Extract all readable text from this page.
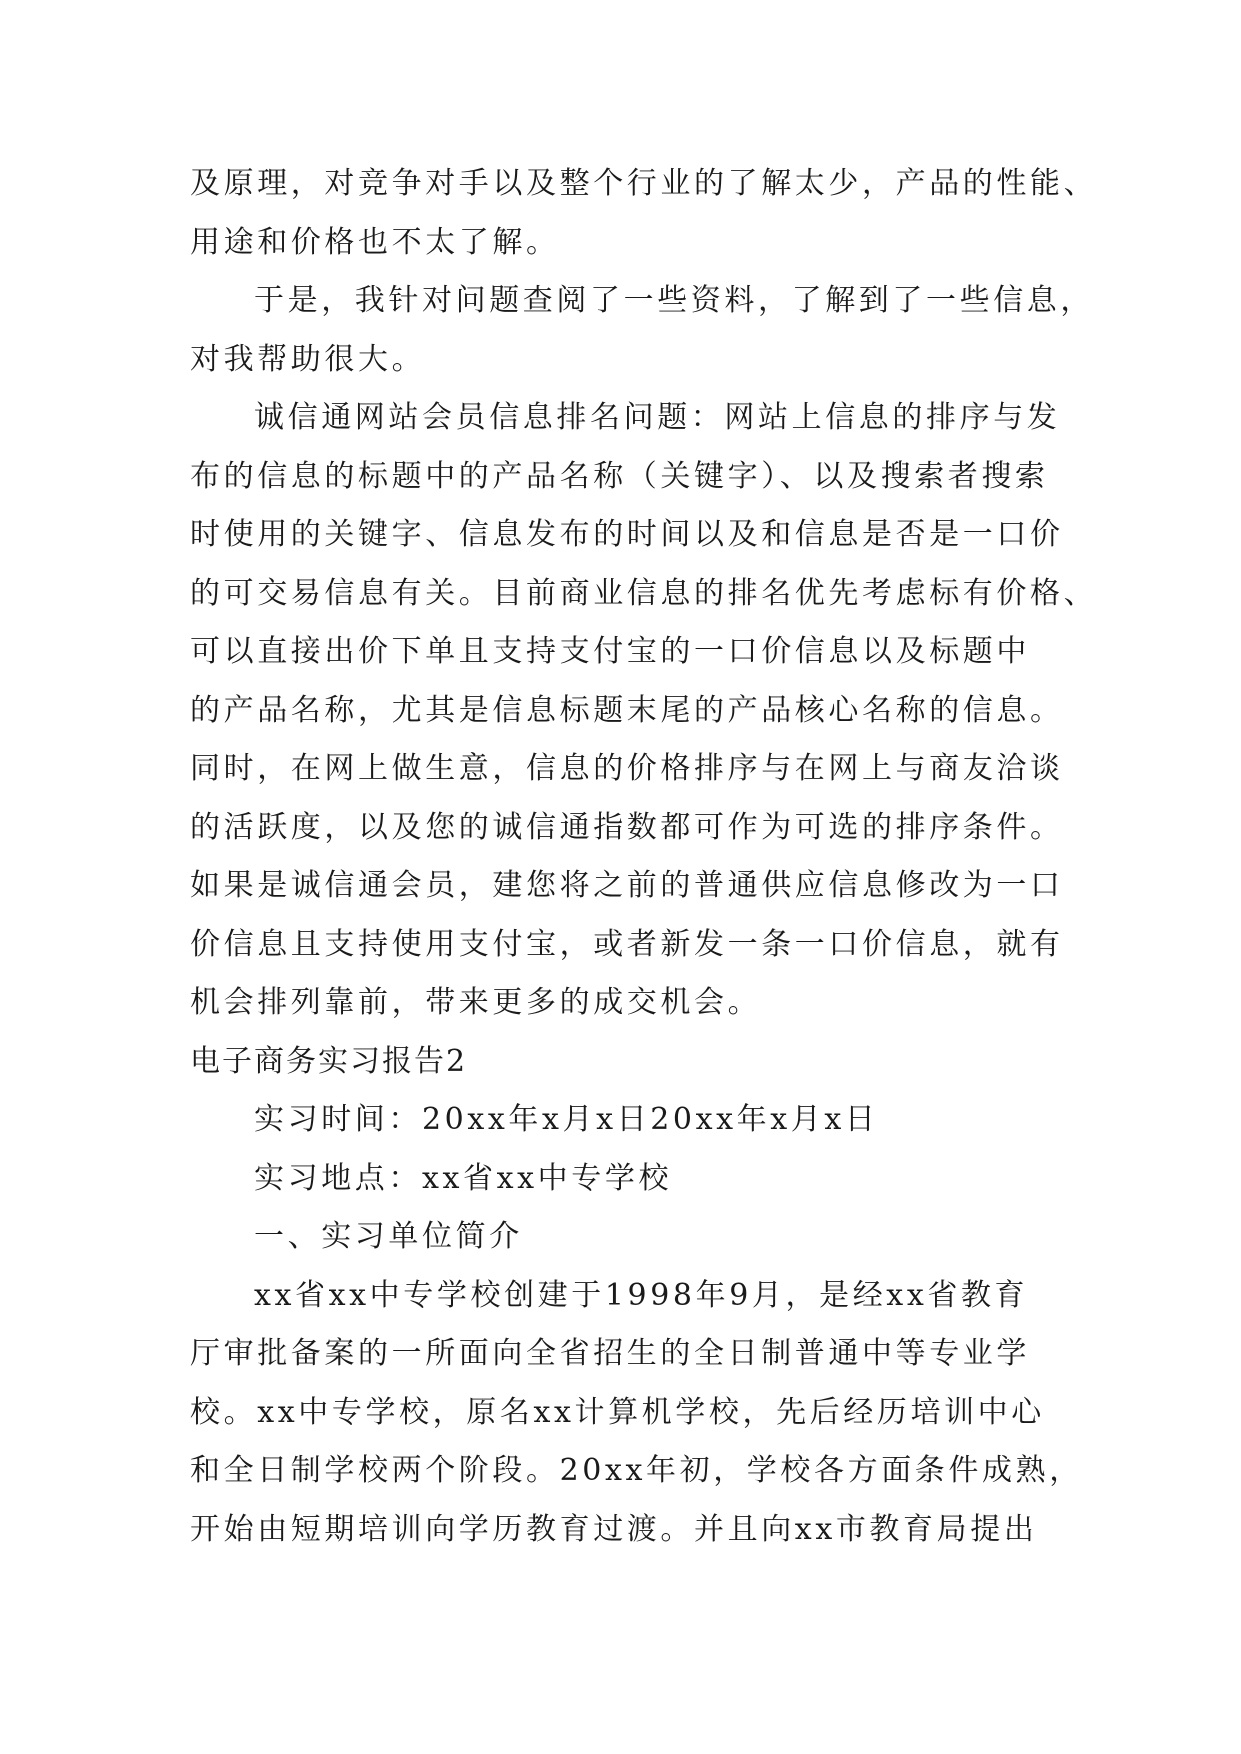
及原理，对竞争对手以及整个行业的了解太少，产品的性能、
用途和价格也不太了解。
于是，我针对问题查阅了一些资料，了解到了一些信息，
对我帮助很大。
诚信通网站会员信息排名问题：网站上信息的排序与发
布的信息的标题中的产品名称（关键字）、以及搜索者搜索
时使用的关键字、信息发布的时间以及和信息是否是一口价
的可交易信息有关。目前商业信息的排名优先考虑标有价格、
可以直接出价下单且支持支付宝的一口价信息以及标题中
的产品名称，尤其是信息标题末尾的产品核心名称的信息。
同时，在网上做生意，信息的价格排序与在网上与商友洽谈
的活跃度，以及您的诚信通指数都可作为可选的排序条件。
如果是诚信通会员，建您将之前的普通供应信息修改为一口
价信息且支持使用支付宝，或者新发一条一口价信息，就有
机会排列靠前，带来更多的成交机会。
电子商务实习报告2
实习时间：20xx年x月x日20xx年x月x日
实习地点：xx省xx中专学校
一、实习单位简介
xx省xx中专学校创建于1998年9月，是经xx省教育
厅审批备案的一所面向全省招生的全日制普通中等专业学
校。xx中专学校，原名xx计算机学校，先后经历培训中心
和全日制学校两个阶段。20xx年初，学校各方面条件成熟，
开始由短期培训向学历教育过渡。并且向xx市教育局提出
